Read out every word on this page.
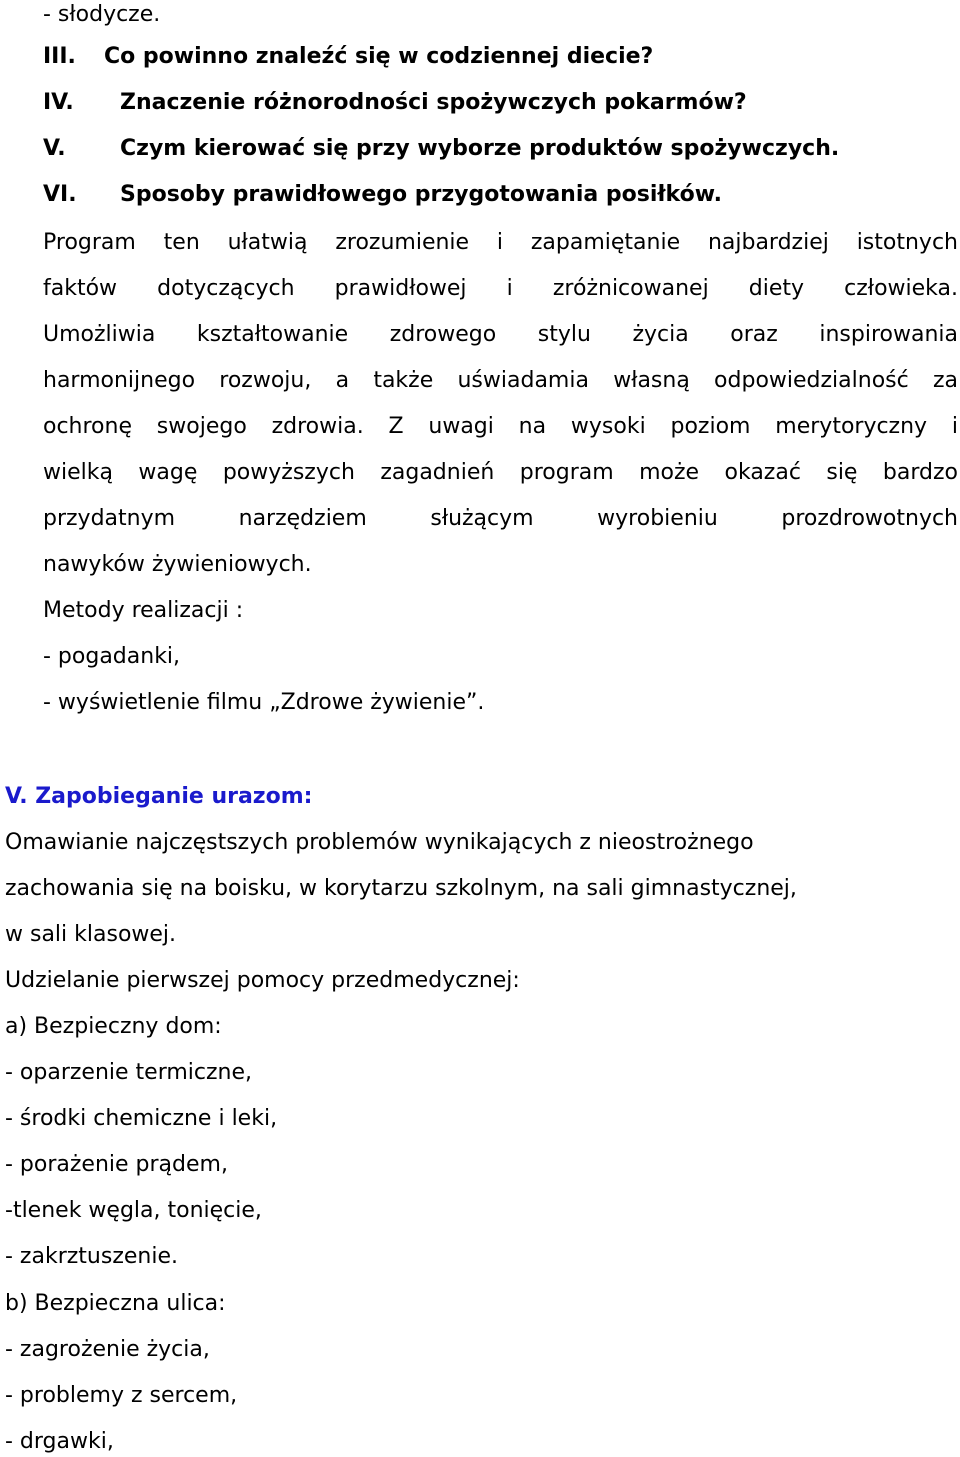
- słodycze.

III. Co powinno znaleźć się w codziennej diecie?

IV. Znaczenie różnorodności spożywczych pokarmów?

V. Czym kierować się przy wyborze produktów spożywczych.

VI. Sposoby prawidłowego przygotowania posiłków.

Program ten ułatwią zrozumienie i zapamiętanie najbardziej istotnych

faktów dotyczących prawidłowej i zróżnicowanej diety człowieka.

Umożliwia kształtowanie zdrowego stylu życia oraz inspirowania

harmonijnego rozwoju, a także uświadamia własną odpowiedzialność za

ochronę swojego zdrowia. Z uwagi na wysoki poziom merytoryczny i

wielką wagę powyższych zagadnień program może okazać się bardzo

przydatnym narzędziem służącym wyrobieniu prozdrowotnych

nawyków żywieniowych.

Metody realizacji :

- pogadanki,

- wyświetlenie filmu „Zdrowe żywienie”.

V. Zapobieganie urazom:

Omawianie najczęstszych problemów wynikających z nieostrożnego

zachowania się na boisku, w korytarzu szkolnym, na sali gimnastycznej,

w sali klasowej.

Udzielanie pierwszej pomocy przedmedycznej:

a) Bezpieczny dom:

- oparzenie termiczne,

- środki chemiczne i leki,

- porażenie prądem,

-tlenek węgla, tonięcie,

- zakrztuszenie.

b) Bezpieczna ulica:

- zagrożenie życia,

- problemy z sercem,

- drgawki,
